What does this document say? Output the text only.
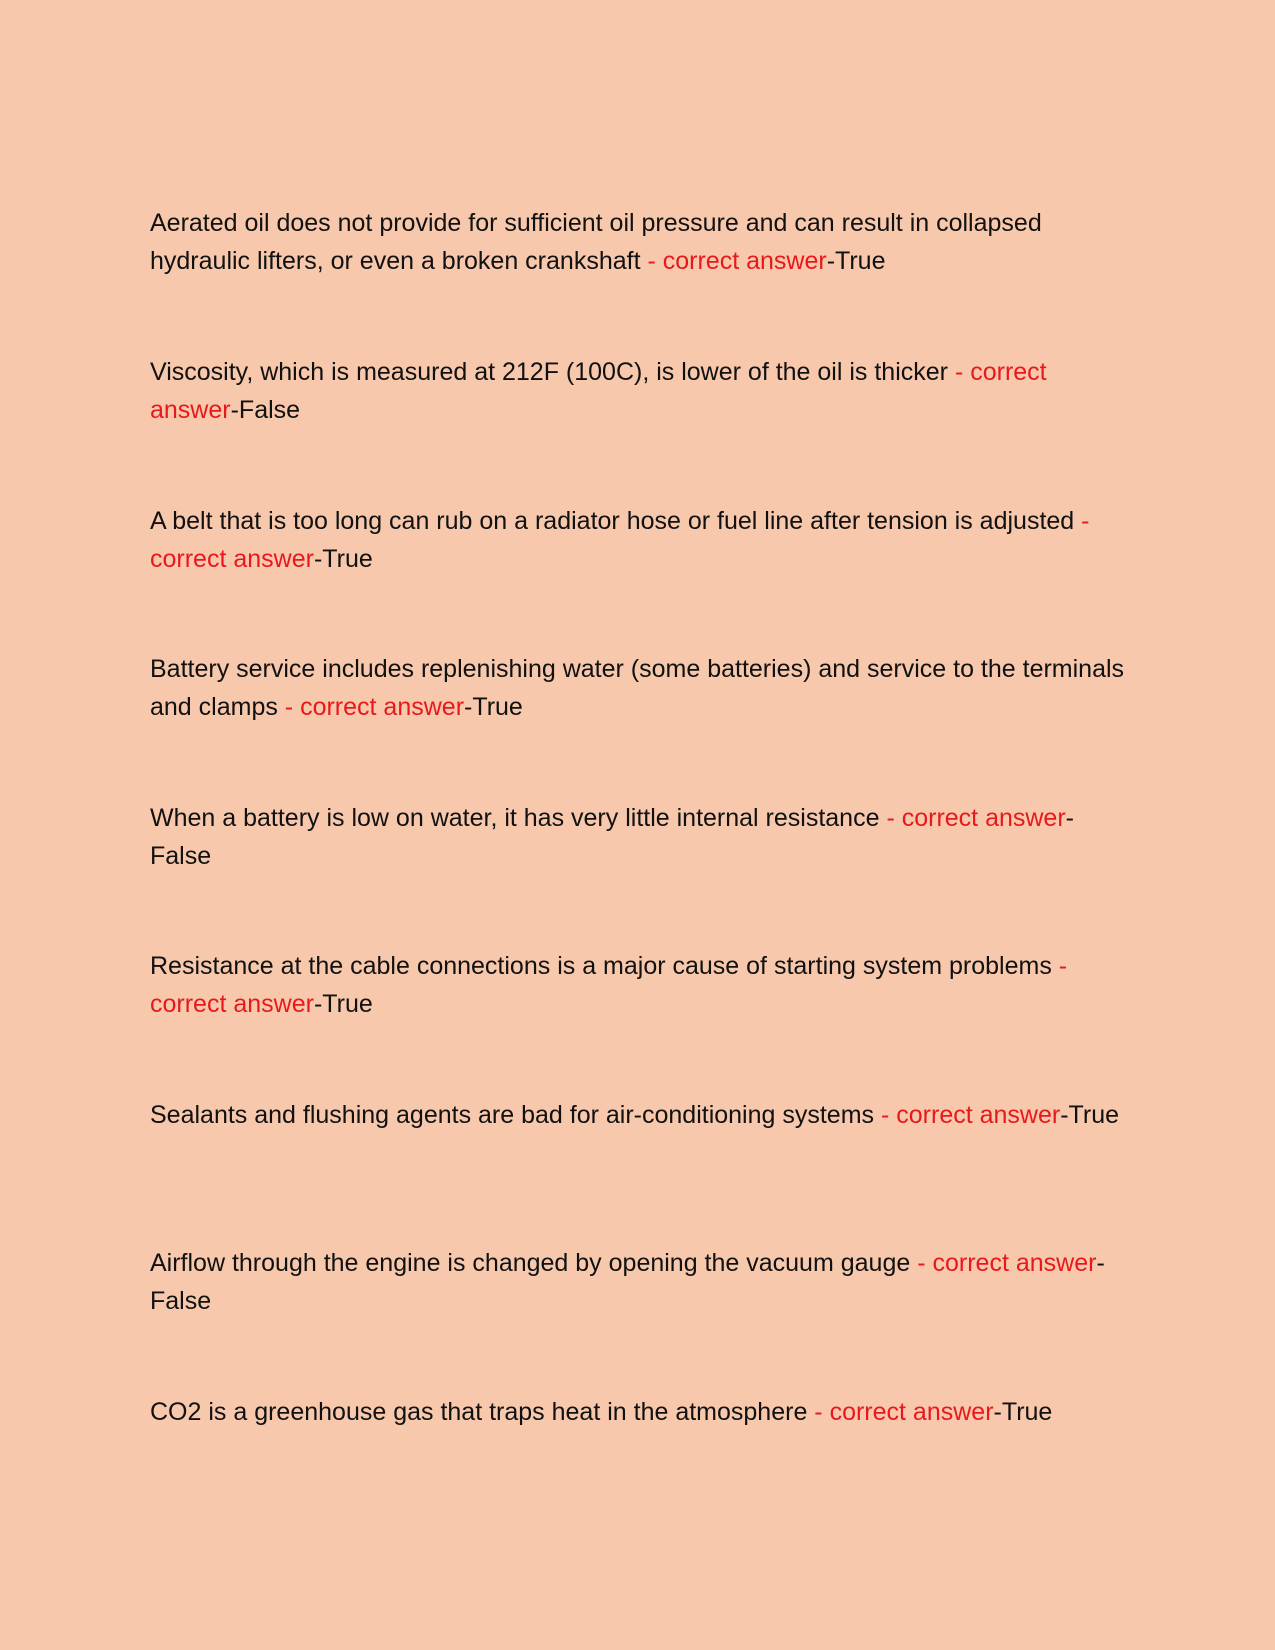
Aerated oil does not provide for sufficient oil pressure and can result in collapsed hydraulic lifters, or even a broken crankshaft - correct answer-True

Viscosity, which is measured at 212F (100C), is lower of the oil is thicker - correct answer-False

A belt that is too long can rub on a radiator hose or fuel line after tension is adjusted - correct answer-True

Battery service includes replenishing water (some batteries) and service to the terminals and clamps - correct answer-True

When a battery is low on water, it has very little internal resistance - correct answer-False

Resistance at the cable connections is a major cause of starting system problems - correct answer-True

Sealants and flushing agents are bad for air-conditioning systems - correct answer-True

Airflow through the engine is changed by opening the vacuum gauge - correct answer-False

CO2 is a greenhouse gas that traps heat in the atmosphere - correct answer-True
